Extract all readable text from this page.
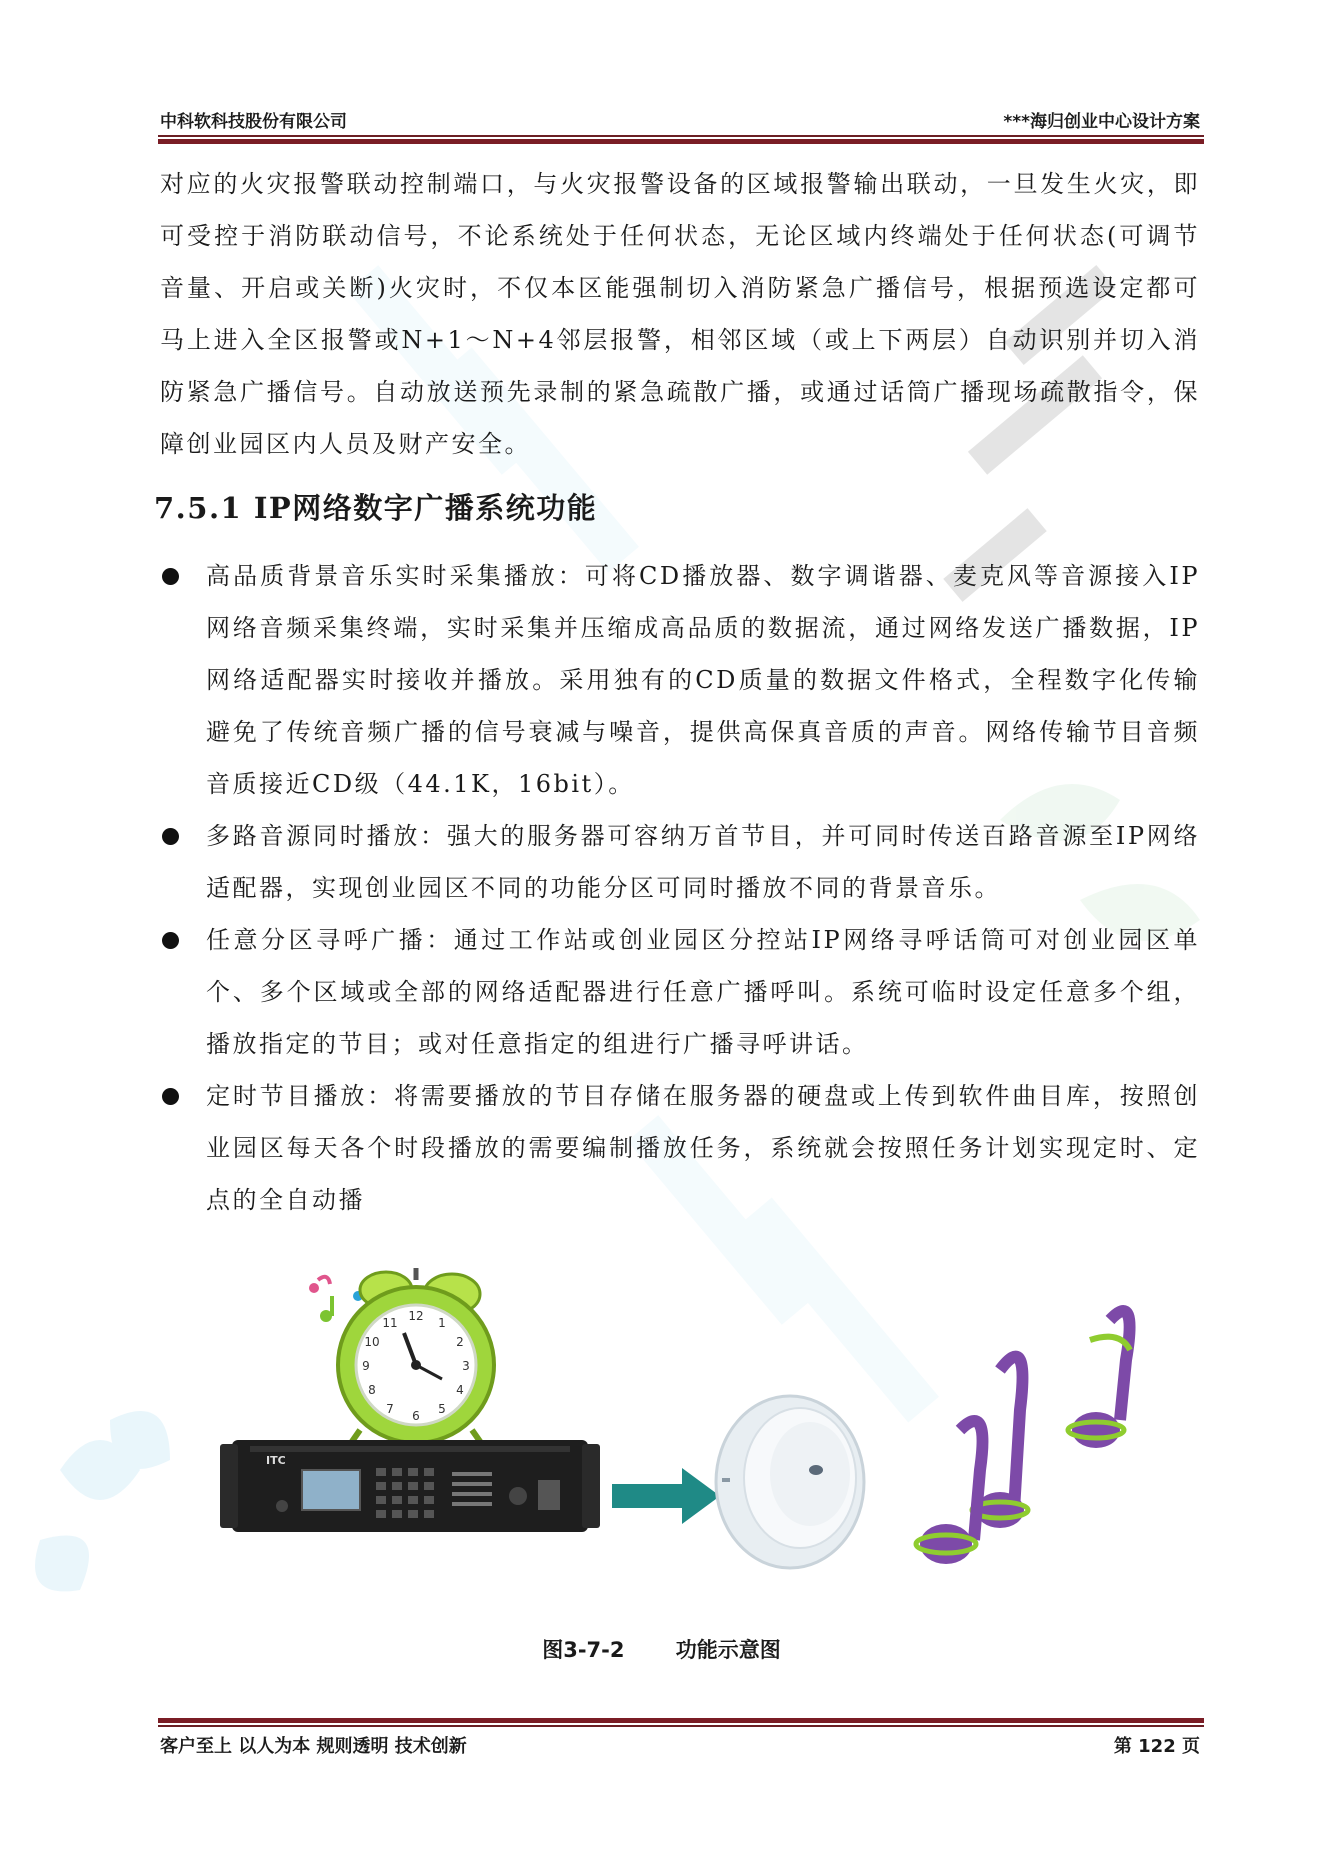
中科软科技股份有限公司	***海归创业中心设计方案

对应的火灾报警联动控制端口，与火灾报警设备的区域报警输出联动，一旦发生火灾，即可受控于消防联动信号，不论系统处于任何状态，无论区域内终端处于任何状态(可调节音量、开启或关断)火灾时，不仅本区能强制切入消防紧急广播信号，根据预选设定都可马上进入全区报警或N+1～N+4邻层报警，相邻区域（或上下两层）自动识别并切入消防紧急广播信号。自动放送预先录制的紧急疏散广播，或通过话筒广播现场疏散指令，保障创业园区内人员及财产安全。

7.5.1 IP网络数字广播系统功能
高品质背景音乐实时采集播放：可将CD播放器、数字调谐器、麦克风等音源接入IP网络音频采集终端，实时采集并压缩成高品质的数据流，通过网络发送广播数据，IP网络适配器实时接收并播放。采用独有的CD质量的数据文件格式，全程数字化传输避免了传统音频广播的信号衰减与噪音，提供高保真音质的声音。网络传输节目音频音质接近CD级（44.1K，16bit）。
多路音源同时播放：强大的服务器可容纳万首节目，并可同时传送百路音源至IP网络适配器，实现创业园区不同的功能分区可同时播放不同的背景音乐。
任意分区寻呼广播：通过工作站或创业园区分控站IP网络寻呼话筒可对创业园区单个、多个区域或全部的网络适配器进行任意广播呼叫。系统可临时设定任意多个组，播放指定的节目；或对任意指定的组进行广播寻呼讲话。
定时节目播放：将需要播放的节目存储在服务器的硬盘或上传到软件曲目库，按照创业园区每天各个时段播放的需要编制播放任务，系统就会按照任务计划实现定时、定点的全自动播
12 1
2
3
4
5
6
7
8
9
10
11
ITC
图3-7-2 功能示意图
客户至上 以人为本 规则透明 技术创新	第 122 页
